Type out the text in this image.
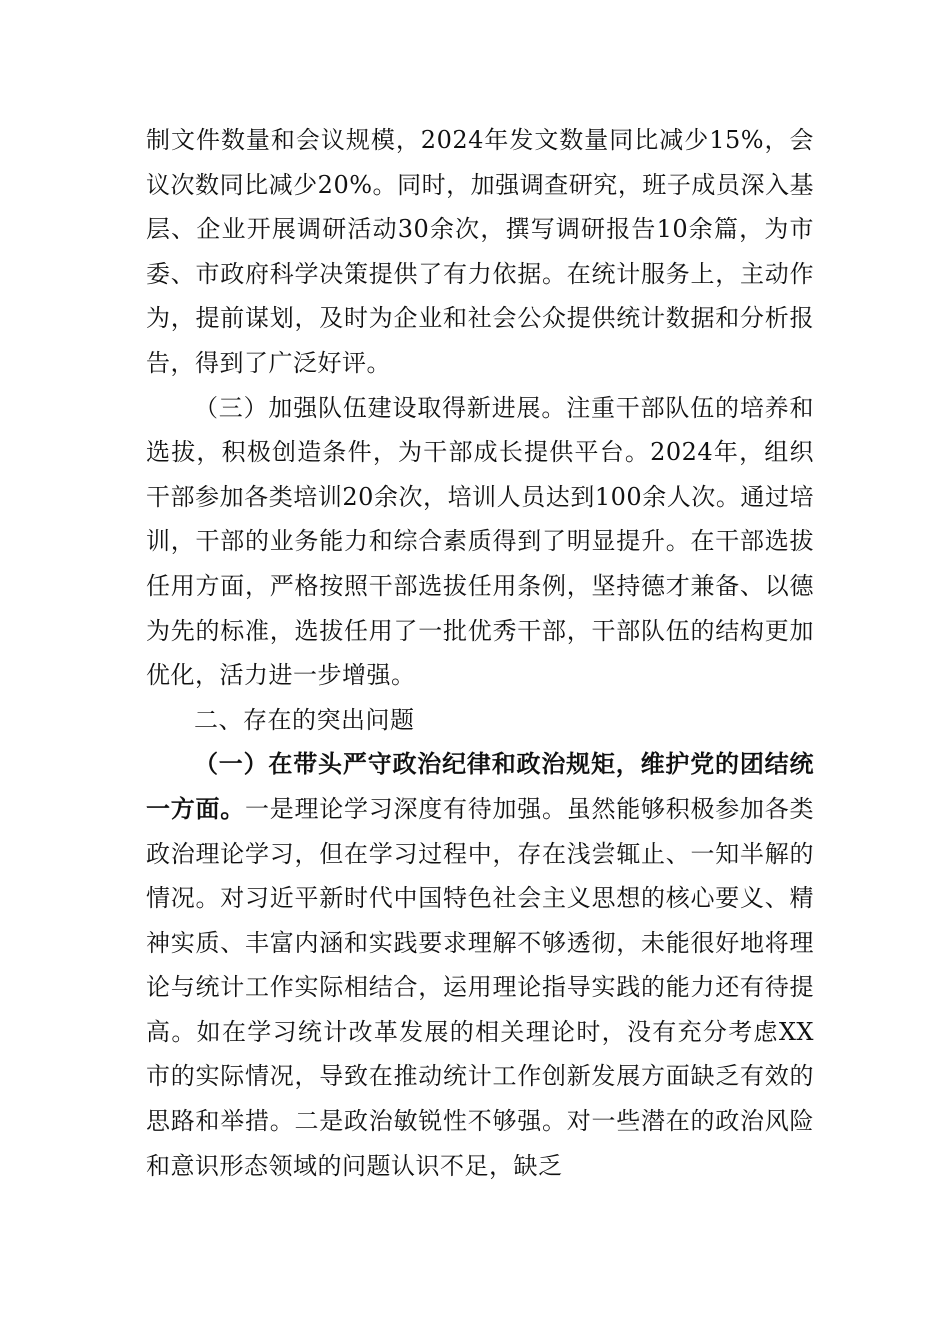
制文件数量和会议规模，2024年发文数量同比减少15%，会议次数同比减少20%。同时，加强调查研究，班子成员深入基层、企业开展调研活动30余次，撰写调研报告10余篇，为市委、市政府科学决策提供了有力依据。在统计服务上，主动作为，提前谋划，及时为企业和社会公众提供统计数据和分析报告，得到了广泛好评。

（三）加强队伍建设取得新进展。注重干部队伍的培养和选拔，积极创造条件，为干部成长提供平台。2024年，组织干部参加各类培训20余次，培训人员达到100余人次。通过培训，干部的业务能力和综合素质得到了明显提升。在干部选拔任用方面，严格按照干部选拔任用条例，坚持德才兼备、以德为先的标准，选拔任用了一批优秀干部，干部队伍的结构更加优化，活力进一步增强。

二、存在的突出问题

（一）在带头严守政治纪律和政治规矩，维护党的团结统一方面。一是理论学习深度有待加强。虽然能够积极参加各类政治理论学习，但在学习过程中，存在浅尝辄止、一知半解的情况。对习近平新时代中国特色社会主义思想的核心要义、精神实质、丰富内涵和实践要求理解不够透彻，未能很好地将理论与统计工作实际相结合，运用理论指导实践的能力还有待提高。如在学习统计改革发展的相关理论时，没有充分考虑XX市的实际情况，导致在推动统计工作创新发展方面缺乏有效的思路和举措。二是政治敏锐性不够强。对一些潜在的政治风险和意识形态领域的问题认识不足，缺乏
